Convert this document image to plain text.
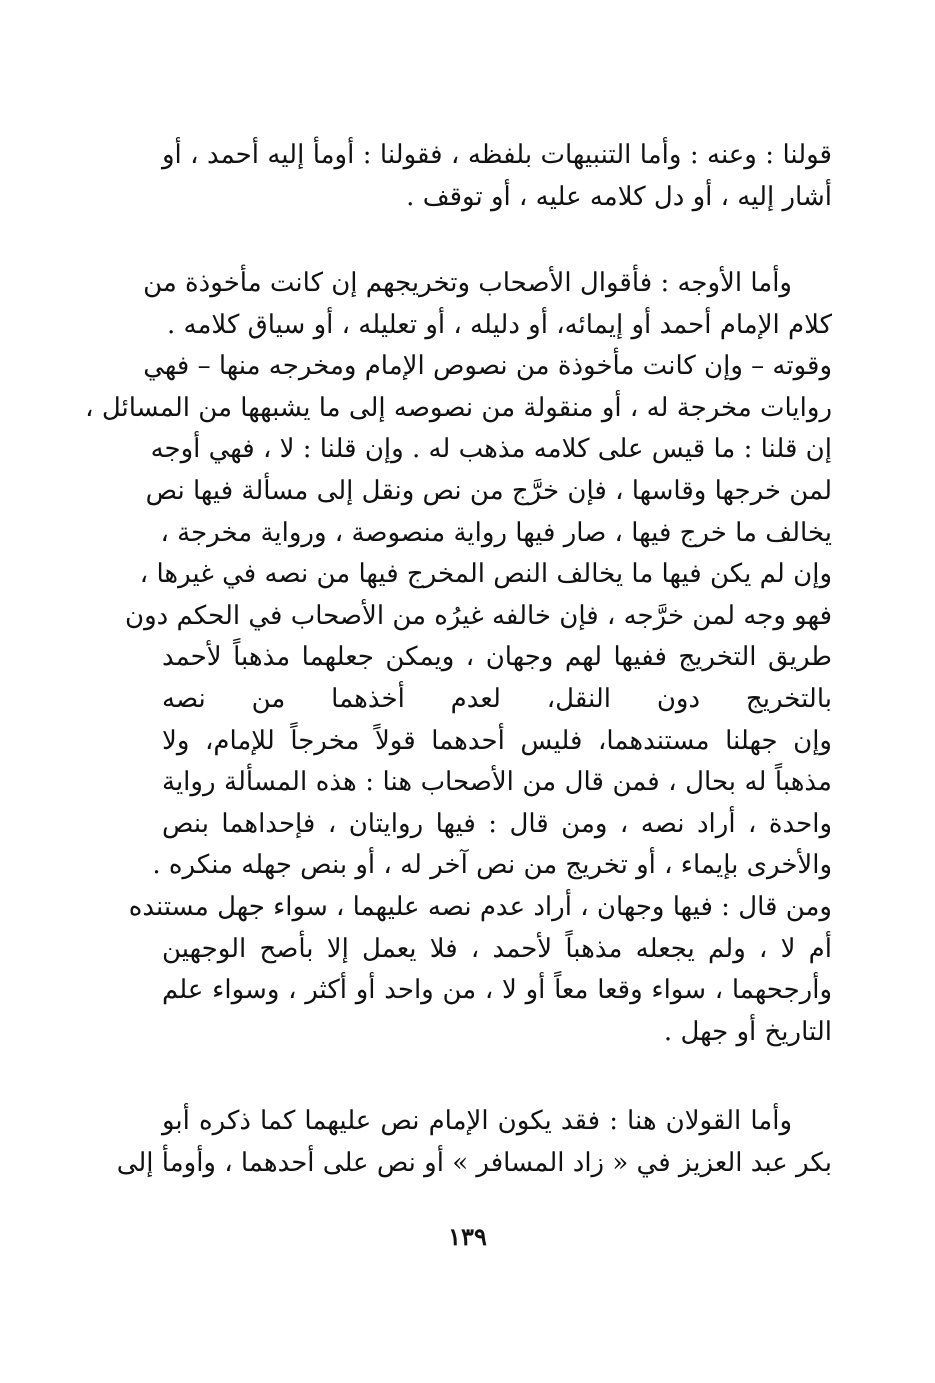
قولنا : وعنه : وأما التنبيهات بلفظه ، فقولنا : أومأ إليه أحمد ، أو
أشار إليه ، أو دل كلامه عليه ، أو توقف .
وأما الأوجه : فأقوال الأصحاب وتخريجهم إن كانت مأخوذة من
كلام الإمام أحمد أو إيمائه، أو دليله ، أو تعليله ، أو سياق كلامه .
وقوته – وإن كانت مأخوذة من نصوص الإمام ومخرجه منها – فهي
روايات مخرجة له ، أو منقولة من نصوصه إلى ما يشبهها من المسائل ،
إن قلنا : ما قيس على كلامه مذهب له . وإن قلنا : لا ، فهي أوجه
لمن خرجها وقاسها ، فإن خرَّج من نص ونقل إلى مسألة فيها نص
يخالف ما خرج فيها ، صار فيها رواية منصوصة ، ورواية مخرجة ،
وإن لم يكن فيها ما يخالف النص المخرج فيها من نصه في غيرها ،
فهو وجه لمن خرَّجه ، فإن خالفه غيرُه من الأصحاب في الحكم دون
طريق التخريج ففيها لهم وجهان ، ويمكن جعلهما مذهباً لأحمد
بالتخريج دون النقل، لعدم أخذهما من نصه
وإن جهلنا مستندهما، فليس أحدهما قولاً مخرجاً للإمام، ولا
مذهباً له بحال ، فمن قال من الأصحاب هنا : هذه المسألة رواية
واحدة ، أراد نصه ، ومن قال : فيها روايتان ، فإحداهما بنص
والأخرى بإيماء ، أو تخريج من نص آخر له ، أو بنص جهله منكره .
ومن قال : فيها وجهان ، أراد عدم نصه عليهما ، سواء جهل مستنده
أم لا ، ولم يجعله مذهباً لأحمد ، فلا يعمل إلا بأصح الوجهين
وأرجحهما ، سواء وقعا معاً أو لا ، من واحد أو أكثر ، وسواء علم
التاريخ أو جهل .
وأما القولان هنا : فقد يكون الإمام نص عليهما كما ذكره أبو
بكر عبد العزيز في « زاد المسافر » أو نص على أحدهما ، وأومأ إلى
١٣٩
